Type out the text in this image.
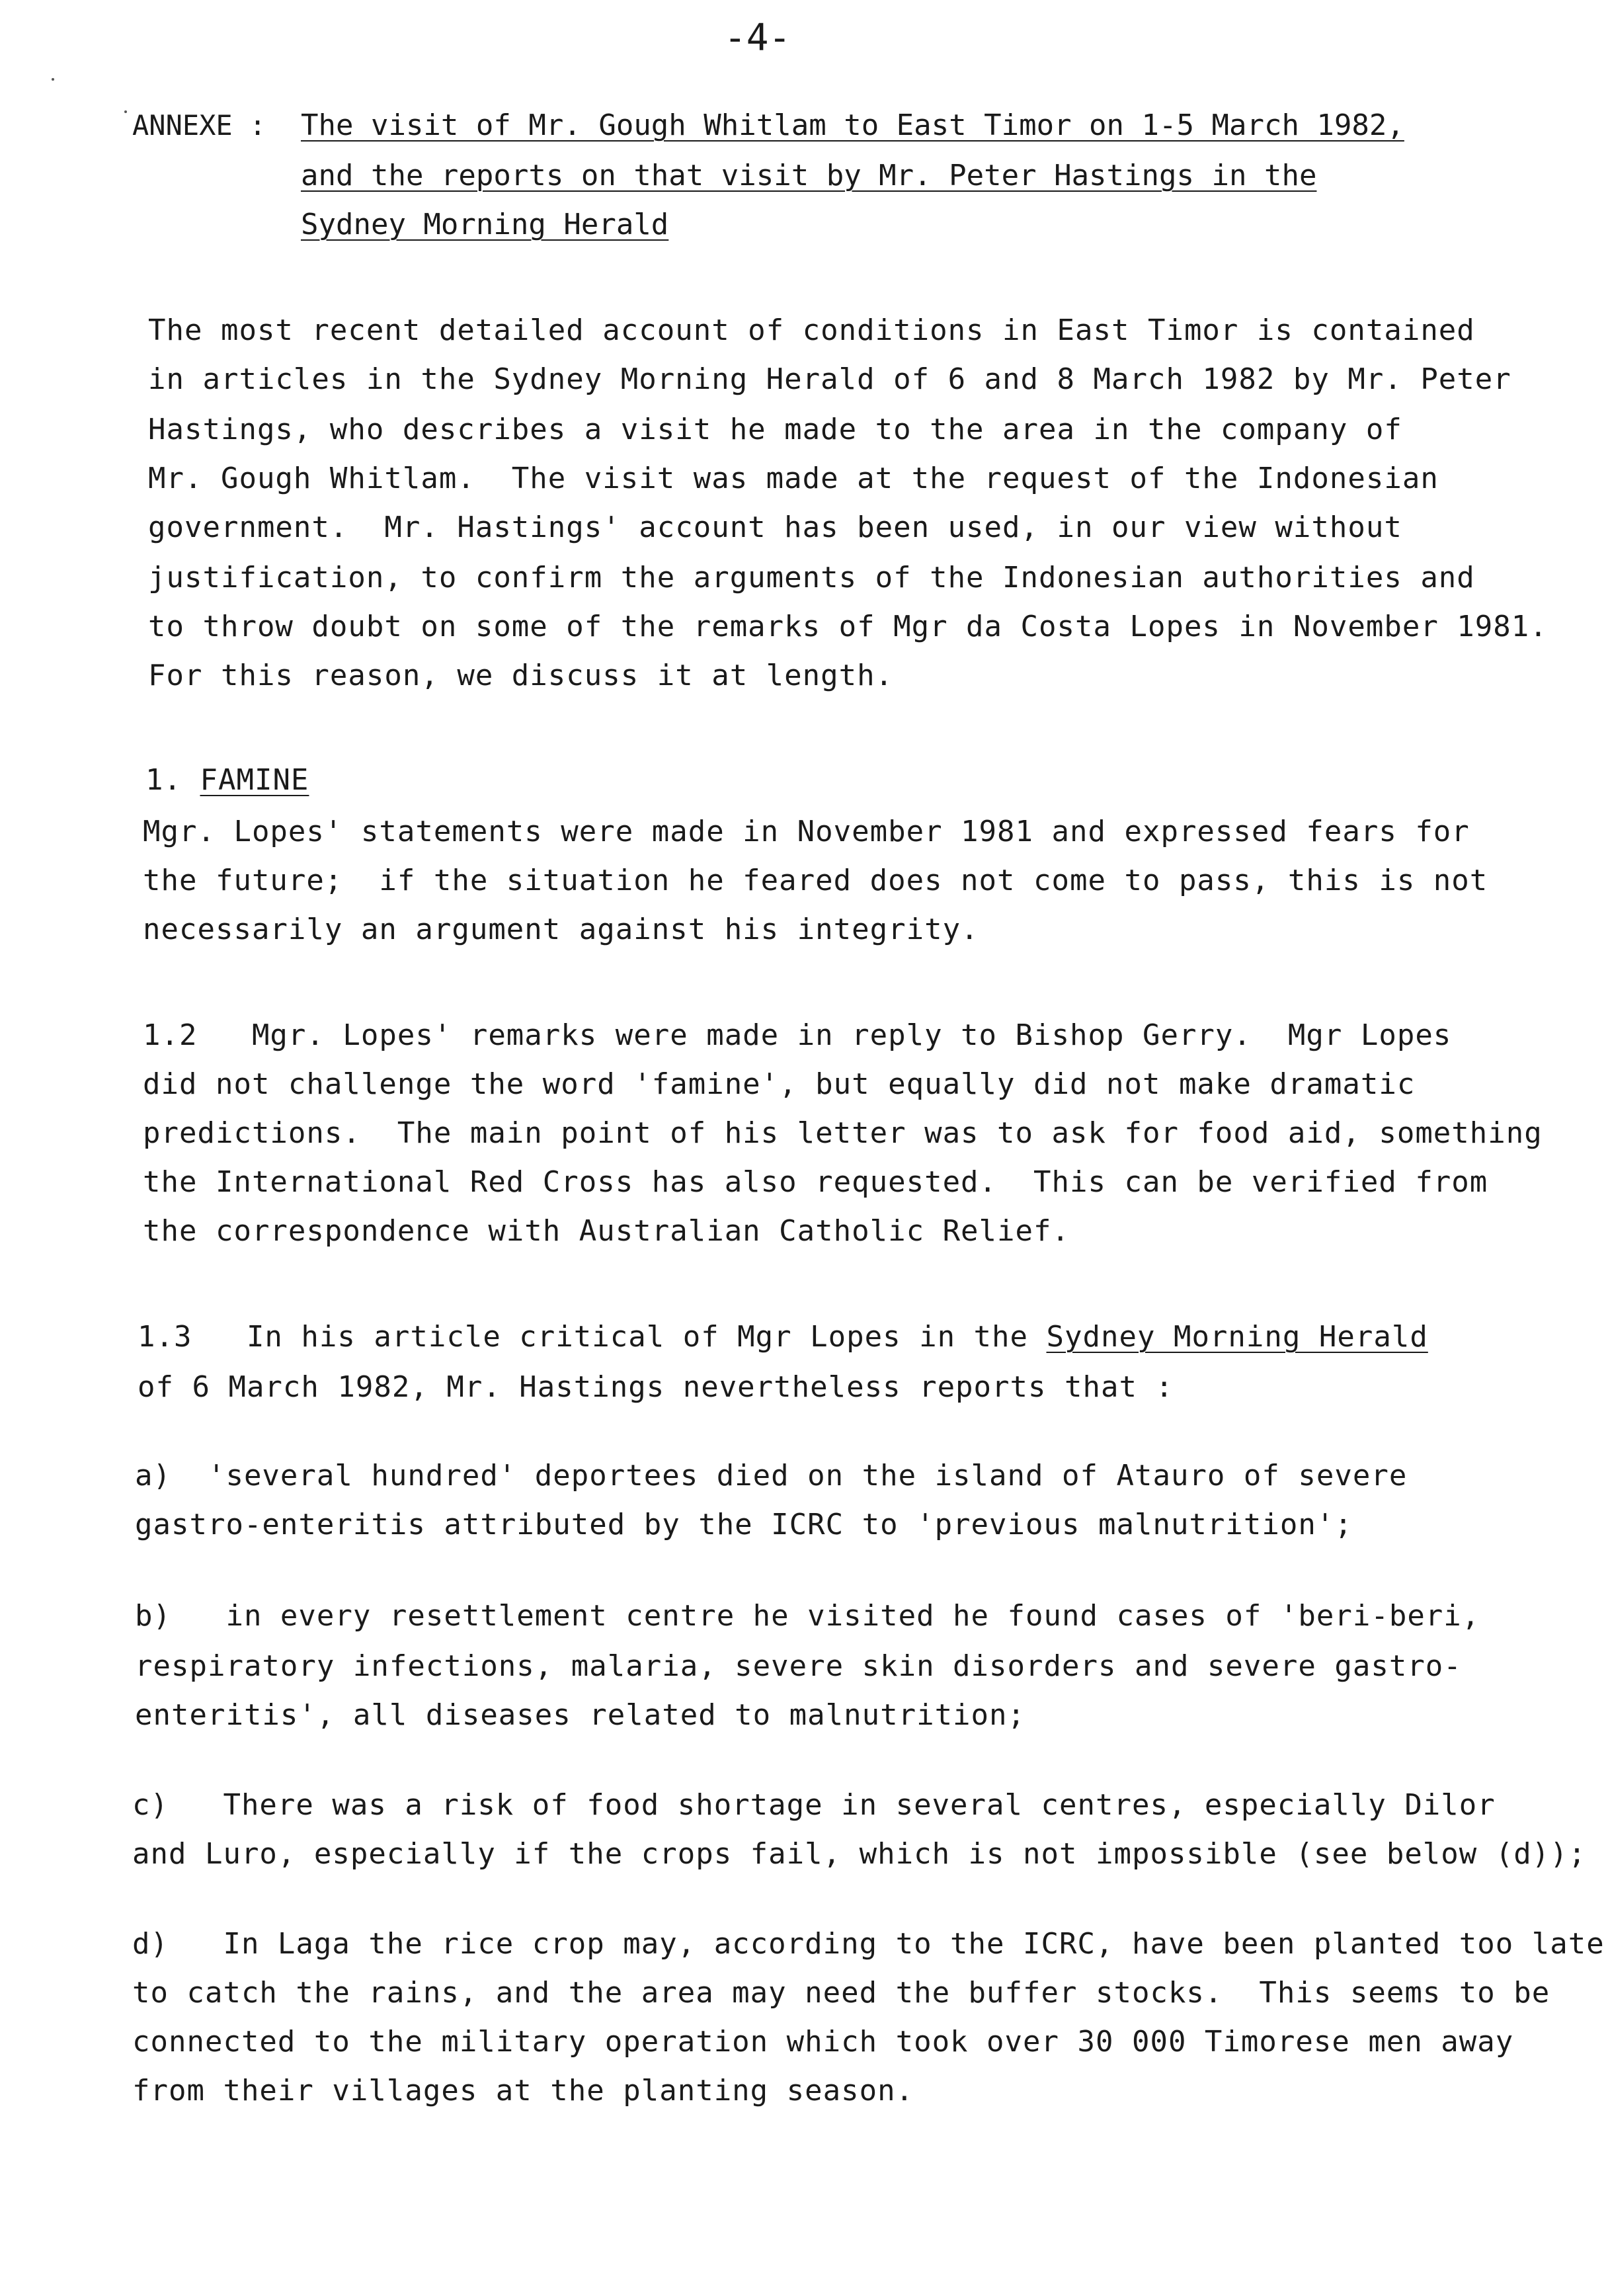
-4-
ANNEXE : The visit of Mr. Gough Whitlam to East Timor on 1-5 March 1982,
and the reports on that visit by Mr. Peter Hastings in the
Sydney Morning Herald
The most recent detailed account of conditions in East Timor is contained
in articles in the Sydney Morning Herald of 6 and 8 March 1982 by Mr. Peter
Hastings, who describes a visit he made to the area in the company of
Mr. Gough Whitlam.  The visit was made at the request of the Indonesian
government.  Mr. Hastings' account has been used, in our view without
justification, to confirm the arguments of the Indonesian authorities and
to throw doubt on some of the remarks of Mgr da Costa Lopes in November 1981.
For this reason, we discuss it at length.
1. FAMINE
Mgr. Lopes' statements were made in November 1981 and expressed fears for
the future;  if the situation he feared does not come to pass, this is not
necessarily an argument against his integrity.
1.2   Mgr. Lopes' remarks were made in reply to Bishop Gerry.  Mgr Lopes
did not challenge the word 'famine', but equally did not make dramatic
predictions.  The main point of his letter was to ask for food aid, something
the International Red Cross has also requested.  This can be verified from
the correspondence with Australian Catholic Relief.
1.3   In his article critical of Mgr Lopes in the Sydney Morning Herald
of 6 March 1982, Mr. Hastings nevertheless reports that :
a)  'several hundred' deportees died on the island of Atauro of severe
gastro-enteritis attributed by the ICRC to 'previous malnutrition';
b)   in every resettlement centre he visited he found cases of 'beri-beri,
respiratory infections, malaria, severe skin disorders and severe gastro-
enteritis', all diseases related to malnutrition;
c)   There was a risk of food shortage in several centres, especially Dilor
and Luro, especially if the crops fail, which is not impossible (see below (d));
d)   In Laga the rice crop may, according to the ICRC, have been planted too late
to catch the rains, and the area may need the buffer stocks.  This seems to be
connected to the military operation which took over 30 000 Timorese men away
from their villages at the planting season.
